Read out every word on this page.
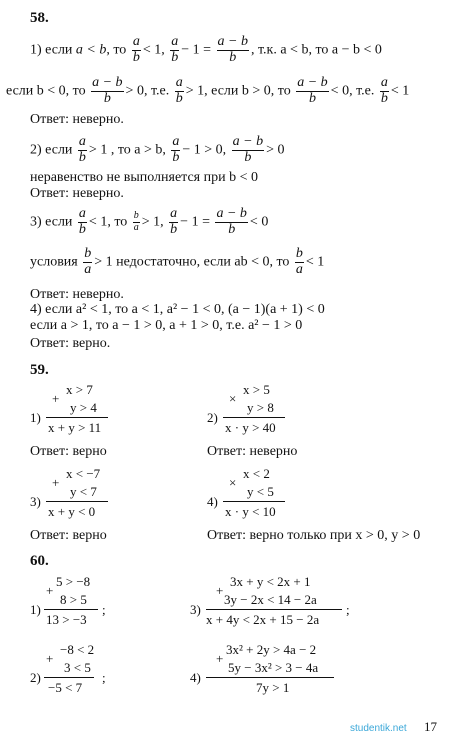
58.
1) если a < b, то $\frac{a}{b} < 1$, $\frac{a}{b} - 1 = \frac{a - b}{b}$ , т.к. a < b, то a − b < 0
если b < 0, то $\frac{a - b}{b} > 0$, т.е. $\frac{a}{b} > 1$, если b > 0, то $\frac{a - b}{b} < 0$, т.е. $\frac{a}{b} < 1$
Ответ: неверно.
2) если $\frac{a}{b} > 1$ , то a > b, $\frac{a}{b} - 1 > 0$, $\frac{a - b}{b} > 0$
неравенство не выполняется при b < 0
Ответ: неверно.
3) если $\frac{a}{b} < 1$, то $\frac{b}{a} > 1$, $\frac{a}{b} - 1 = \frac{a - b}{b} < 0$
условия $\frac{b}{a} > 1$ недостаточно, если ab < 0, то $\frac{b}{a} < 1$
Ответ: неверно.
4) если a² < 1, то a < 1, a² − 1 < 0, (a − 1)(a + 1) < 0
если a > 1, то a − 1 > 0, a + 1 > 0, т.е. a² − 1 > 0
Ответ: верно.
59.
x > 7
+
y > 4
1)
x + y > 11
Ответ: верно
x > 5
×
y > 8
2)
x · y > 40
Ответ: неверно
x < −7
+
y < 7
3)
x + y < 0
Ответ: верно
x < 2
×
y < 5
4)
x · y < 10
Ответ: верно только при x > 0, y > 0
60.
5 > −8
+
8 > 5
1)
13 > −3
;
3x + y < 2x + 1
+
3y − 2x < 14 − 2a
3)
x + 4y < 2x + 15 − 2a
;
−8 < 2
+
3 < 5
2)
−5 < 7
;
3x² + 2y > 4a − 2
+
5y − 3x² > 3 − 4a
4)
7y > 1
studentik.net 17
